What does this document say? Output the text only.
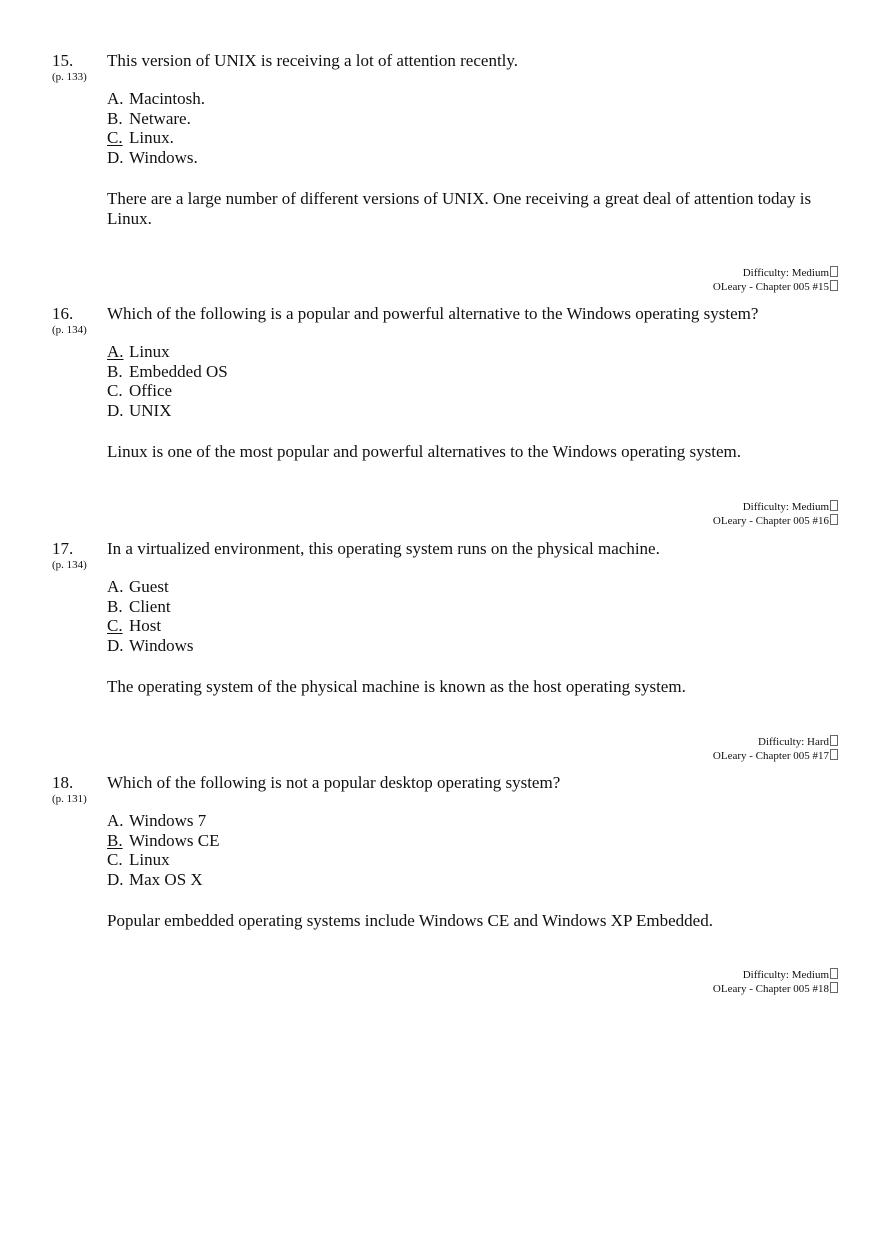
15.
(p. 133)
This version of UNIX is receiving a lot of attention recently.
A. Macintosh.
B. Netware.
C. Linux.
D. Windows.
There are a large number of different versions of UNIX. One receiving a great deal of attention today is Linux.
Difficulty: Medium
OLeary - Chapter 005 #15
16.
(p. 134)
Which of the following is a popular and powerful alternative to the Windows operating system?
A. Linux
B. Embedded OS
C. Office
D. UNIX
Linux is one of the most popular and powerful alternatives to the Windows operating system.
Difficulty: Medium
OLeary - Chapter 005 #16
17.
(p. 134)
In a virtualized environment, this operating system runs on the physical machine.
A. Guest
B. Client
C. Host
D. Windows
The operating system of the physical machine is known as the host operating system.
Difficulty: Hard
OLeary - Chapter 005 #17
18.
(p. 131)
Which of the following is not a popular desktop operating system?
A. Windows 7
B. Windows CE
C. Linux
D. Max OS X
Popular embedded operating systems include Windows CE and Windows XP Embedded.
Difficulty: Medium
OLeary - Chapter 005 #18
